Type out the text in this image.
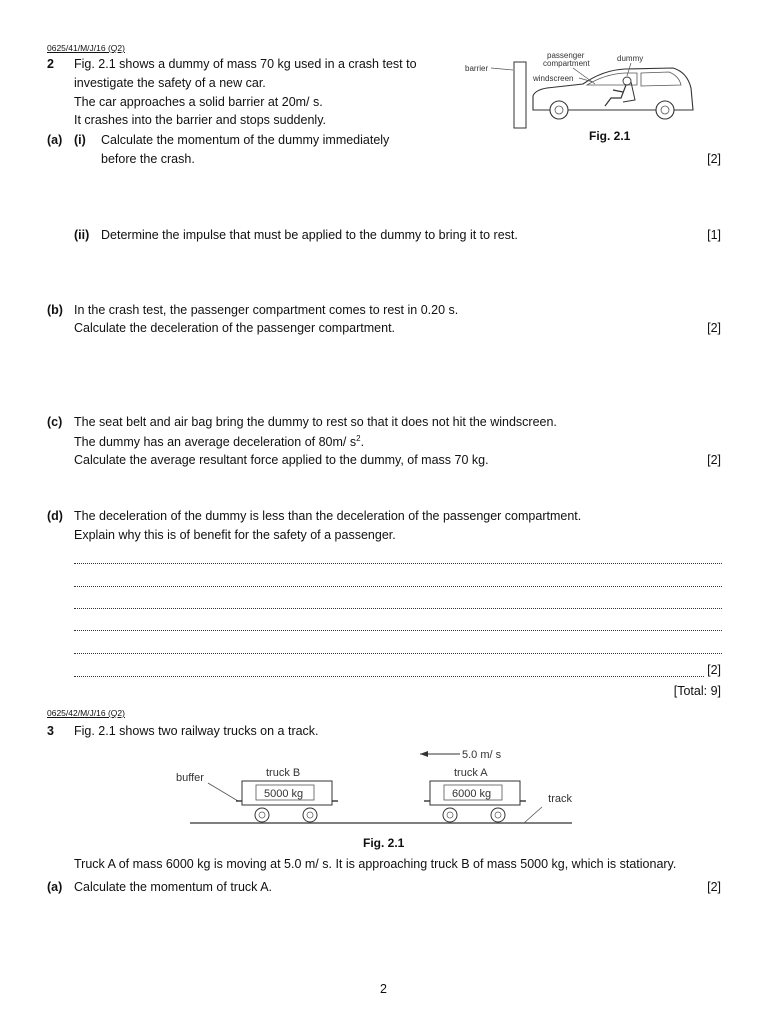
0625/41/M/J/16 (Q2)
2 Fig. 2.1 shows a dummy of mass 70 kg used in a crash test to
investigate the safety of a new car.
The car approaches a solid barrier at 20m/ s.
It crashes into the barrier and stops suddenly.
barrier
passenger compartment
dummy
windscreen
Fig. 2.1
(a) (i) Calculate the momentum of the dummy immediately
before the crash.	[2]
(ii) Determine the impulse that must be applied to the dummy to bring it to rest.	[1]
(b) In the crash test, the passenger compartment comes to rest in 0.20 s.
Calculate the deceleration of the passenger compartment.	[2]
(c) The seat belt and air bag bring the dummy to rest so that it does not hit the windscreen.
The dummy has an average deceleration of 80m/ $s^2$.
Calculate the average resultant force applied to the dummy, of mass 70 kg.	[2]
(d) The deceleration of the dummy is less than the deceleration of the passenger compartment.
Explain why this is of benefit for the safety of a passenger.
[2]
[Total: 9]
0625/42/M/J/16 (Q2)
3 Fig. 2.1 shows two railway trucks on a track.
5.0 m/ s
buffer	truck B
5000 kg
truck A
6000 kg	track
Fig. 2.1
Truck A of mass 6000 kg is moving at 5.0 m/ s. It is approaching truck B of mass 5000 kg, which is stationary.
(a) Calculate the momentum of truck A.	[2]
2
